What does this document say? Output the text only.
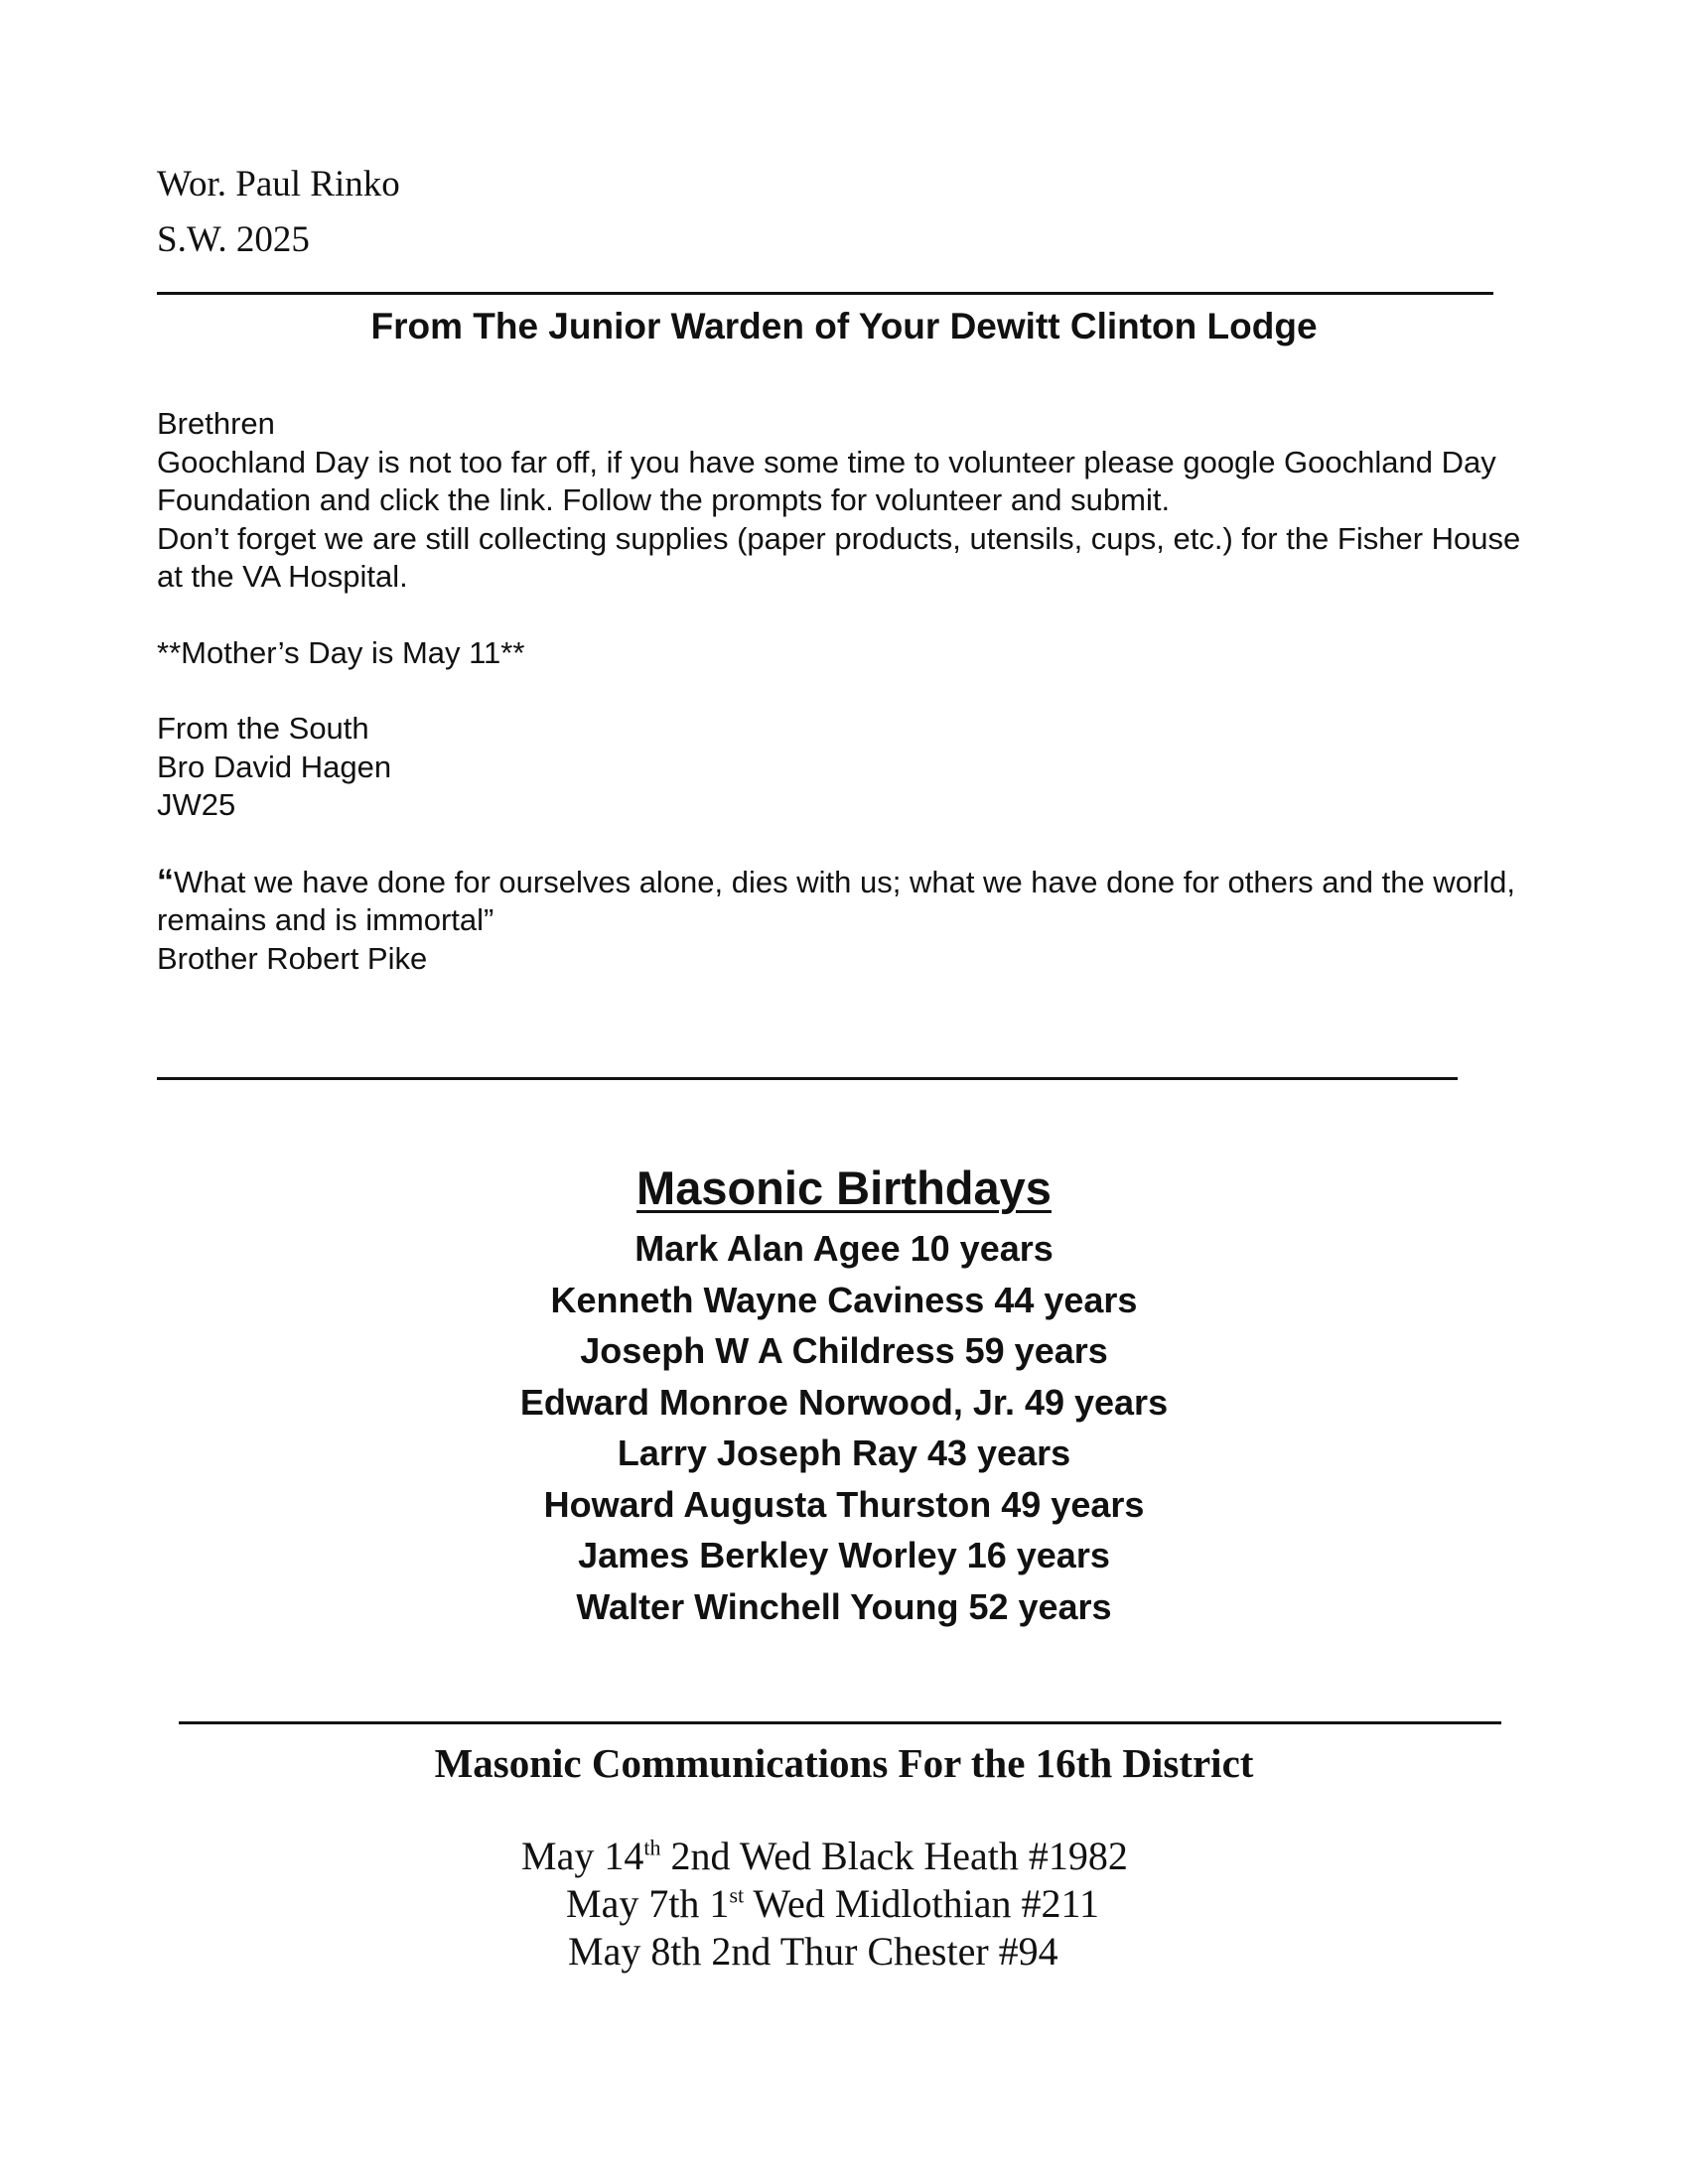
Wor. Paul Rinko
S.W. 2025
From The Junior Warden of Your Dewitt Clinton Lodge

Brethren

Goochland Day is not too far off, if you have some time to volunteer please google Goochland Day Foundation and click the link. Follow the prompts for volunteer and submit.

Don’t forget we are still collecting supplies (paper products, utensils, cups, etc.) for the Fisher House at the VA Hospital.

**Mother’s Day is May 11**

From the South

Bro David Hagen

JW25

“What we have done for ourselves alone, dies with us; what we have done for others and the world, remains and is immortal”

Brother Robert Pike

Masonic Birthdays

Mark Alan Agee 10 years

Kenneth Wayne Caviness 44 years

Joseph W A Childress 59 years

Edward Monroe Norwood, Jr. 49 years

Larry Joseph Ray 43 years

Howard Augusta Thurston 49 years

James Berkley Worley 16 years

Walter Winchell Young 52 years

Masonic Communications For the 16th District
May 14th 2nd Wed Black Heath #1982
May 7th 1st Wed Midlothian #211
May 8th 2nd Thur Chester #94
